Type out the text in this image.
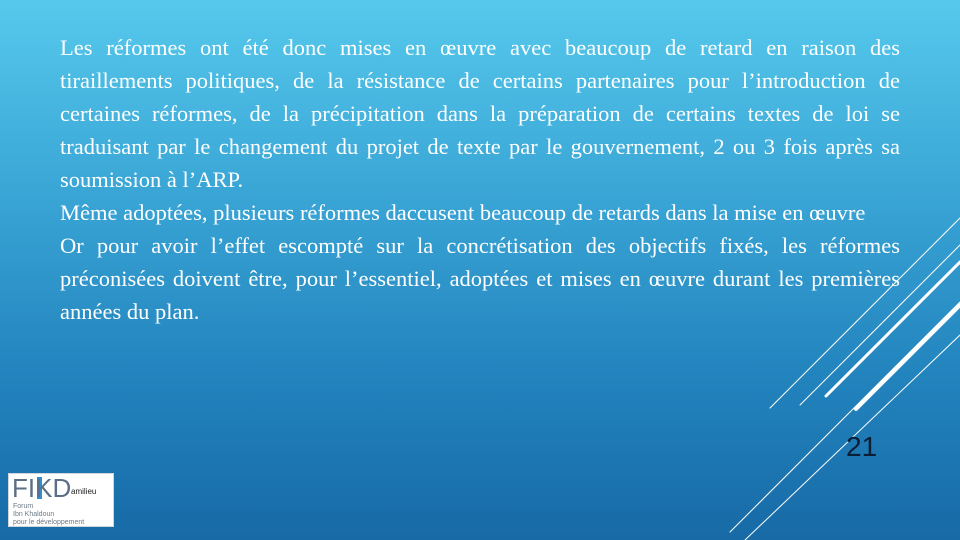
Les réformes ont été donc mises en œuvre avec beaucoup de retard en raison des tiraillements politiques, de la résistance de certains partenaires pour l’introduction de certaines réformes, de la précipitation dans la préparation de certains textes de loi se traduisant par le changement du projet de texte par le gouvernement, 2 ou 3 fois après sa soumission à l’ARP.

Même adoptées, plusieurs réformes daccusent beaucoup de retards dans la mise en œuvre

Or pour avoir l’effet escompté sur la concrétisation des objectifs fixés, les réformes préconisées doivent être, pour l’essentiel, adoptées et mises en œuvre durant les premières années du plan.

21
FIKD
Forum
Ibn Khaldoun
pour le développement
amilieu
